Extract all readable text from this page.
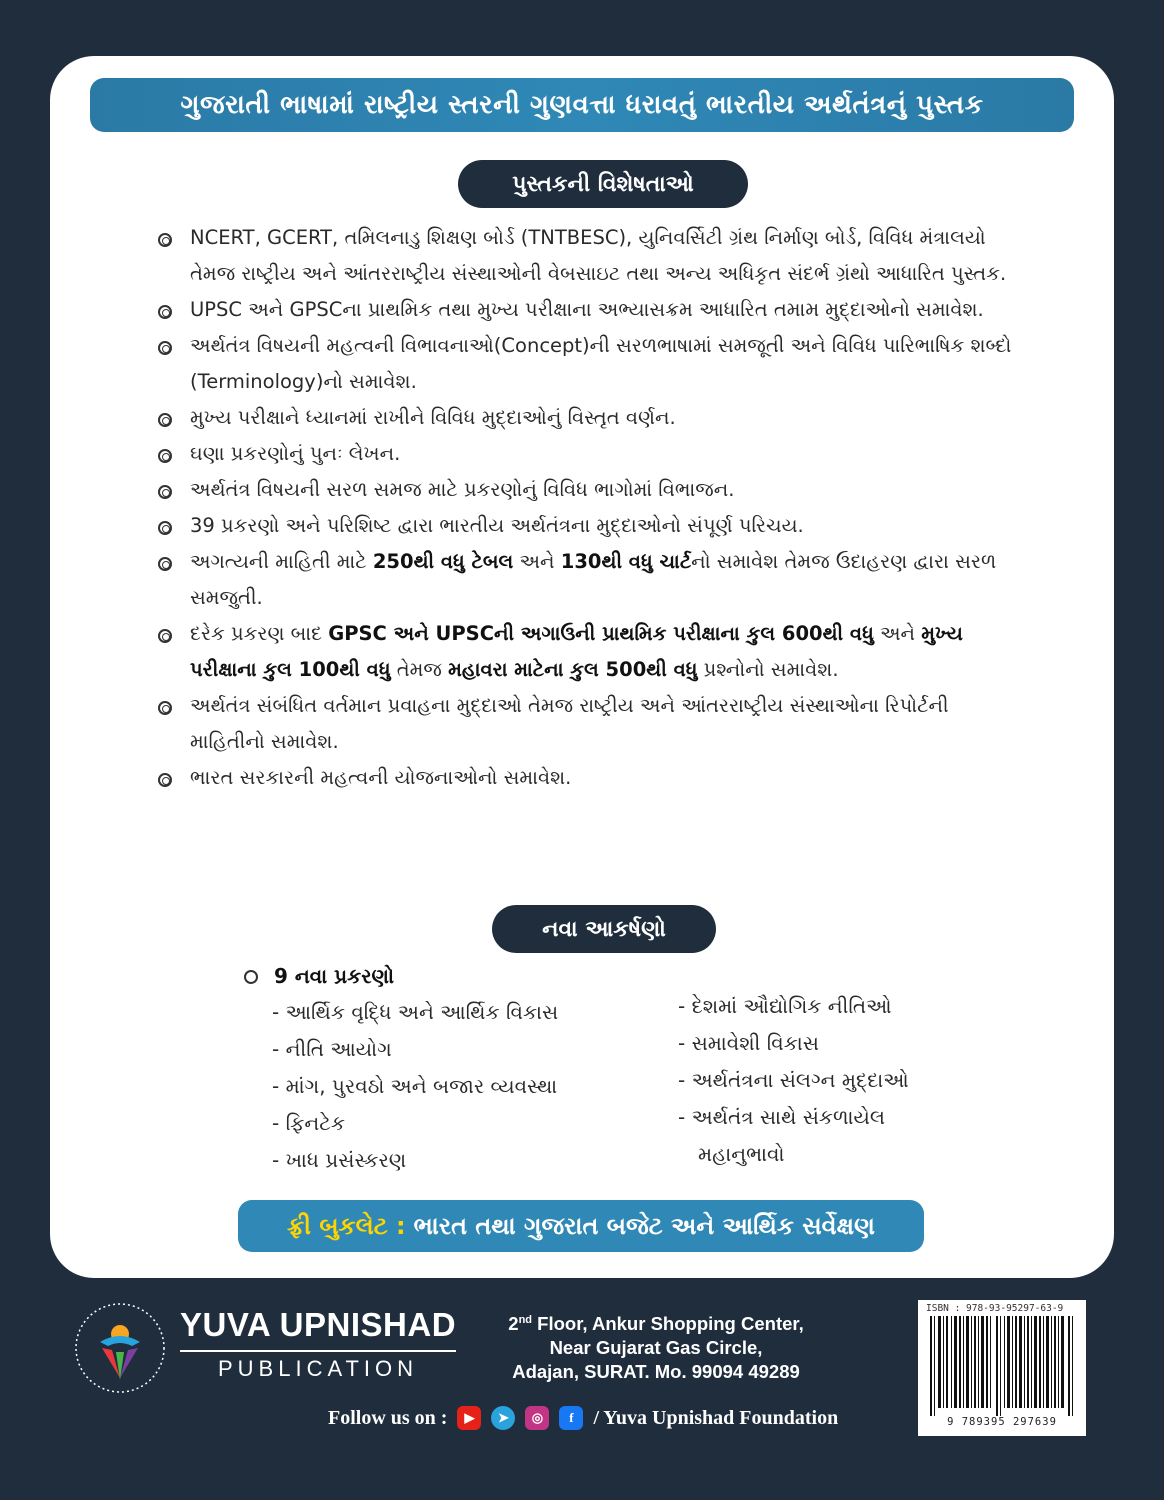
ગુજરાતી ભાષામાં રાષ્ટ્રીય સ્તરની ગુણવત્તા ધરાવતું ભારતીય અર્થતંત્રનું પુસ્તક
પુસ્તકની વિશેષતાઓ
NCERT, GCERT, તમિલનાડુ શિક્ષણ બોર્ડ (TNTBESC), યુનિવર્સિટી ગ્રંથ નિર્માણ બોર્ડ, વિવિધ મંત્રાલયો તેમજ રાષ્ટ્રીય અને આંતરરાષ્ટ્રીય સંસ્થાઓની વેબસાઇટ તથા અન્ય અધિકૃત સંદર્ભ ગ્રંથો આધારિત પુસ્તક.
UPSC અને GPSCના પ્રાથમિક તથા મુખ્ય પરીક્ષાના અભ્યાસક્રમ આધારિત તમામ મુદ્દાઓનો સમાવેશ.
અર્થતંત્ર વિષયની મહત્વની વિભાવનાઓ(Concept)ની સરળભાષામાં સમજૂતી અને વિવિધ પારિભાષિક શબ્દો (Terminology)નો સમાવેશ.
મુખ્ય પરીક્ષાને ધ્યાનમાં રાખીને વિવિધ મુદ્દાઓનું વિસ્તૃત વર્ણન.
ઘણા પ્રકરણોનું પુનઃ લેખન.
અર્થતંત્ર વિષયની સરળ સમજ માટે પ્રકરણોનું વિવિધ ભાગોમાં વિભાજન.
39 પ્રકરણો અને પરિશિષ્ટ દ્વારા ભારતીય અર્થતંત્રના મુદ્દાઓનો સંપૂર્ણ પરિચય.
અગત્યની માહિતી માટે 250થી વધુ ટેબલ અને 130થી વધુ ચાર્ટનો સમાવેશ તેમજ ઉદાહરણ દ્વારા સરળ સમજુતી.
દરેક પ્રકરણ બાદ GPSC અને UPSCની અગાઉની પ્રાથમિક પરીક્ષાના કુલ 600થી વધુ અને મુખ્ય પરીક્ષાના કુલ 100થી વધુ તેમજ મહાવરા માટેના કુલ 500થી વધુ પ્રશ્નોનો સમાવેશ.
અર્થતંત્ર સંબંધિત વર્તમાન પ્રવાહના મુદ્દાઓ તેમજ રાષ્ટ્રીય અને આંતરરાષ્ટ્રીય સંસ્થાઓના રિપોર્ટની માહિતીનો સમાવેશ.
ભારત સરકારની મહત્વની યોજનાઓનો સમાવેશ.
નવા આકર્ષણો
9 નવા પ્રકરણો
- આર્થિક વૃદ્ધિ અને આર્થિક વિકાસ
- નીતિ આયોગ
- માંગ, પુરવઠો અને બજાર વ્યવસ્થા
- ફિનટેક
- ખાધ પ્રસંસ્કરણ
- દેશમાં ઔદ્યોગિક નીતિઓ
- સમાવેશી વિકાસ
- અર્થતંત્રના સંલગ્ન મુદ્દાઓ
- અર્થતંત્ર સાથે સંકળાયેલ
મહાનુભાવો
ફ્રી બુકલેટ : ભારત તથા ગુજરાત બજેટ અને આર્થિક સર્વેક્ષણ
YUVA UPNISHAD
PUBLICATION
2nd Floor, Ankur Shopping Center,
Near Gujarat Gas Circle,
Adajan, SURAT. Mo. 99094 49289
Follow us on :	▶	➤	◎	f / Yuva Upnishad Foundation
ISBN : 978-93-95297-63-9
9 789395 297639
